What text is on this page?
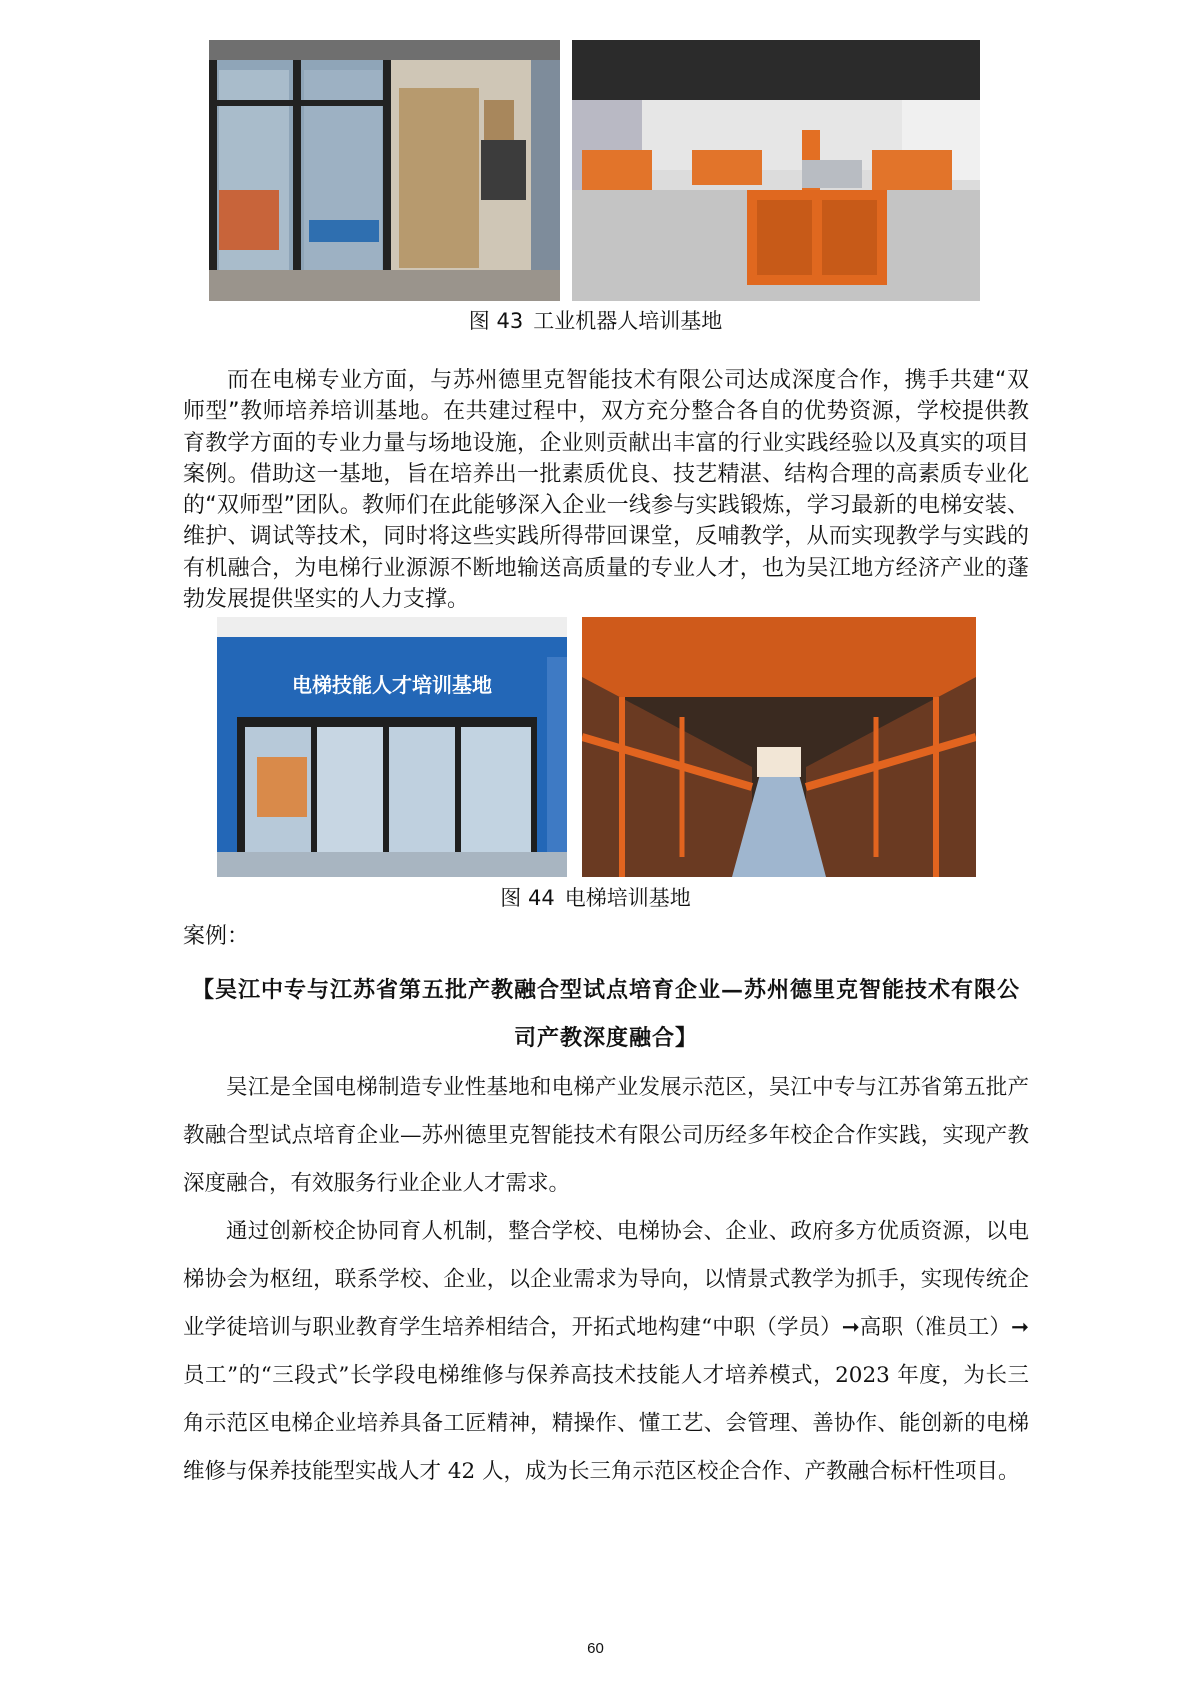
图 43 工业机器人培训基地

而在电梯专业方面，与苏州德里克智能技术有限公司达成深度合作，携手共建“双师型”教师培养培训基地。在共建过程中，双方充分整合各自的优势资源，学校提供教育教学方面的专业力量与场地设施，企业则贡献出丰富的行业实践经验以及真实的项目案例。借助这一基地，旨在培养出一批素质优良、技艺精湛、结构合理的高素质专业化的“双师型”团队。教师们在此能够深入企业一线参与实践锻炼，学习最新的电梯安装、维护、调试等技术，同时将这些实践所得带回课堂，反哺教学，从而实现教学与实践的有机融合，为电梯行业源源不断地输送高质量的专业人才，也为吴江地方经济产业的蓬勃发展提供坚实的人力支撑。

电梯技能人才培训基地
图 44 电梯培训基地
案例：
【吴江中专与江苏省第五批产教融合型试点培育企业—苏州德里克智能技术有限公司产教深度融合】

吴江是全国电梯制造专业性基地和电梯产业发展示范区，吴江中专与江苏省第五批产教融合型试点培育企业—苏州德里克智能技术有限公司历经多年校企合作实践，实现产教深度融合，有效服务行业企业人才需求。

通过创新校企协同育人机制，整合学校、电梯协会、企业、政府多方优质资源，以电梯协会为枢纽，联系学校、企业，以企业需求为导向，以情景式教学为抓手，实现传统企业学徒培训与职业教育学生培养相结合，开拓式地构建“中职（学员）➞高职（准员工）➞员工”的“三段式”长学段电梯维修与保养高技术技能人才培养模式，2023 年度，为长三角示范区电梯企业培养具备工匠精神，精操作、懂工艺、会管理、善协作、能创新的电梯维修与保养技能型实战人才 42 人，成为长三角示范区校企合作、产教融合标杆性项目。

60
